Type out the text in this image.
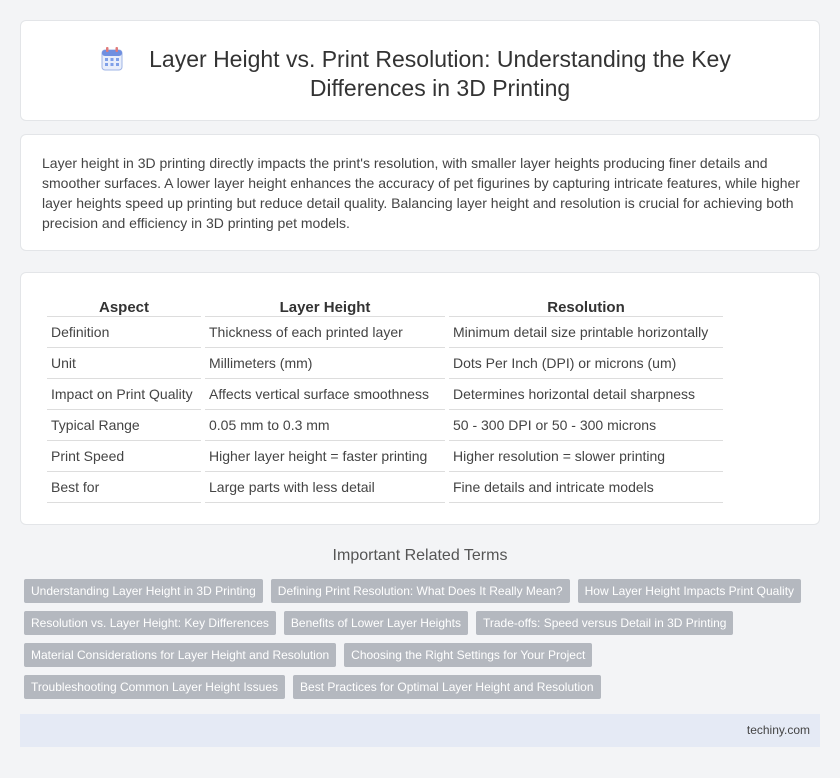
Layer Height vs. Print Resolution: Understanding the Key Differences in 3D Printing

Layer height in 3D printing directly impacts the print's resolution, with smaller layer heights producing finer details and smoother surfaces. A lower layer height enhances the accuracy of pet figurines by capturing intricate features, while higher layer heights speed up printing but reduce detail quality. Balancing layer height and resolution is crucial for achieving both precision and efficiency in 3D printing pet models.

Aspect	Layer Height	Resolution
Definition	Thickness of each printed layer	Minimum detail size printable horizontally
Unit	Millimeters (mm)	Dots Per Inch (DPI) or microns (um)
Impact on Print Quality	Affects vertical surface smoothness	Determines horizontal detail sharpness
Typical Range	0.05 mm to 0.3 mm	50 - 300 DPI or 50 - 300 microns
Print Speed	Higher layer height = faster printing	Higher resolution = slower printing
Best for	Large parts with less detail	Fine details and intricate models
Important Related Terms
Understanding Layer Height in 3D Printing	Defining Print Resolution: What Does It Really Mean?	How Layer Height Impacts Print Quality
Resolution vs. Layer Height: Key Differences	Benefits of Lower Layer Heights	Trade-offs: Speed versus Detail in 3D Printing
Material Considerations for Layer Height and Resolution	Choosing the Right Settings for Your Project
Troubleshooting Common Layer Height Issues	Best Practices for Optimal Layer Height and Resolution
techiny.com
